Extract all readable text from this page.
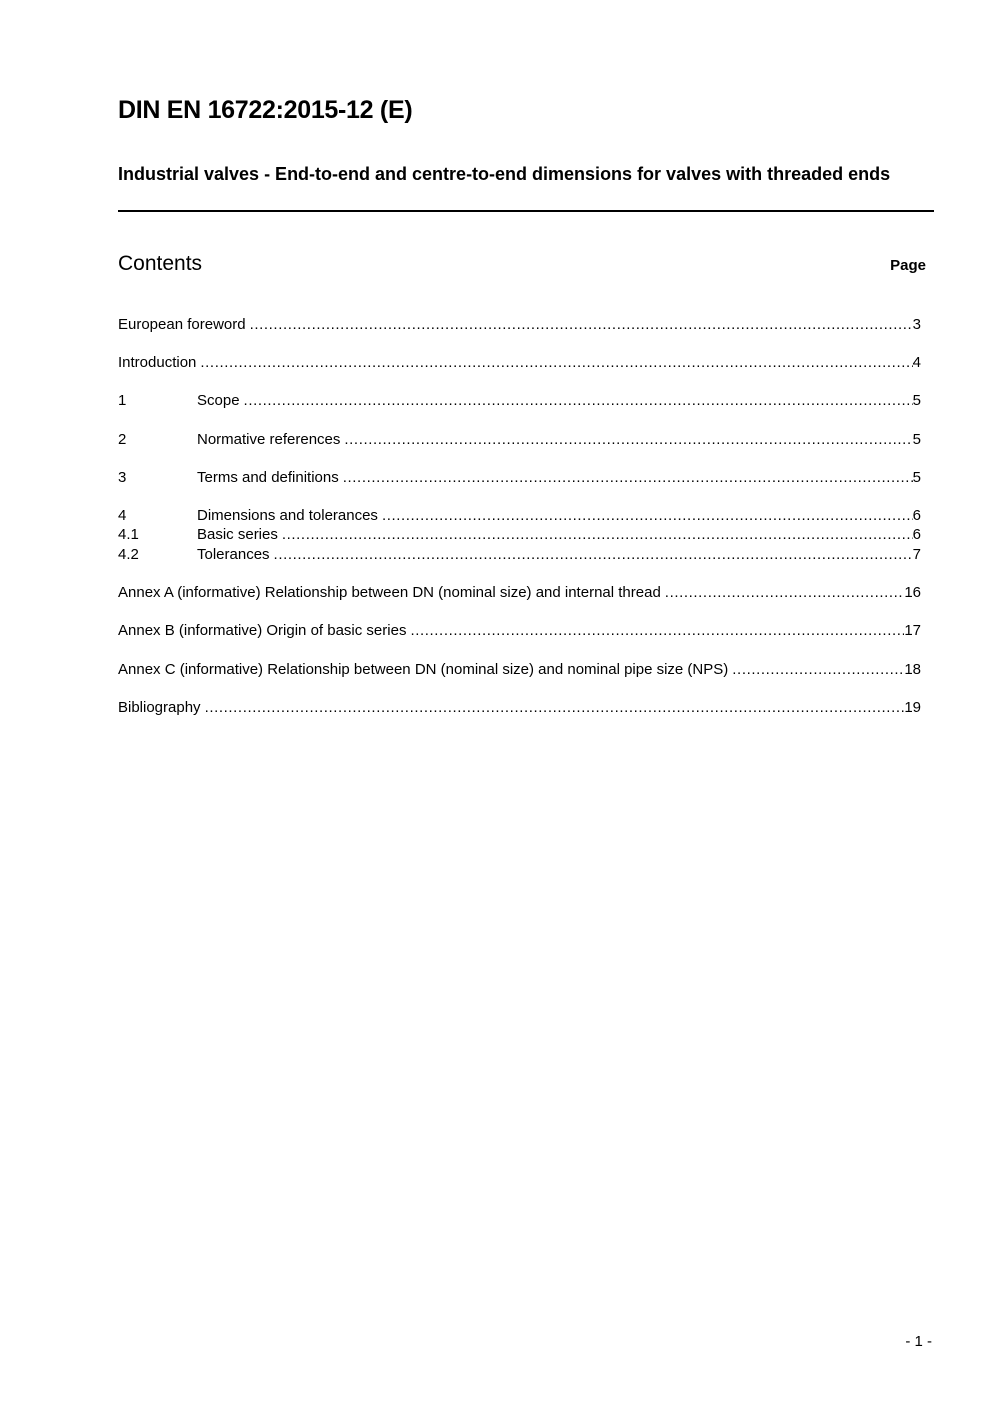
DIN EN 16722:2015-12 (E)
Industrial valves - End-to-end and centre-to-end dimensions for valves with threaded ends
Contents	Page
European foreword .....	3
Introduction .....	4
1	Scope .....	5
2	Normative references .....	5
3	Terms and definitions .....	5
4	Dimensions and tolerances .....	6
4.1	Basic series .....	6
4.2	Tolerances .....	7
Annex A (informative) Relationship between DN (nominal size) and internal thread .....	16
Annex B (informative) Origin of basic series .....	17
Annex C (informative) Relationship between DN (nominal size) and nominal pipe size (NPS) .....	18
Bibliography .....	19
- 1 -
